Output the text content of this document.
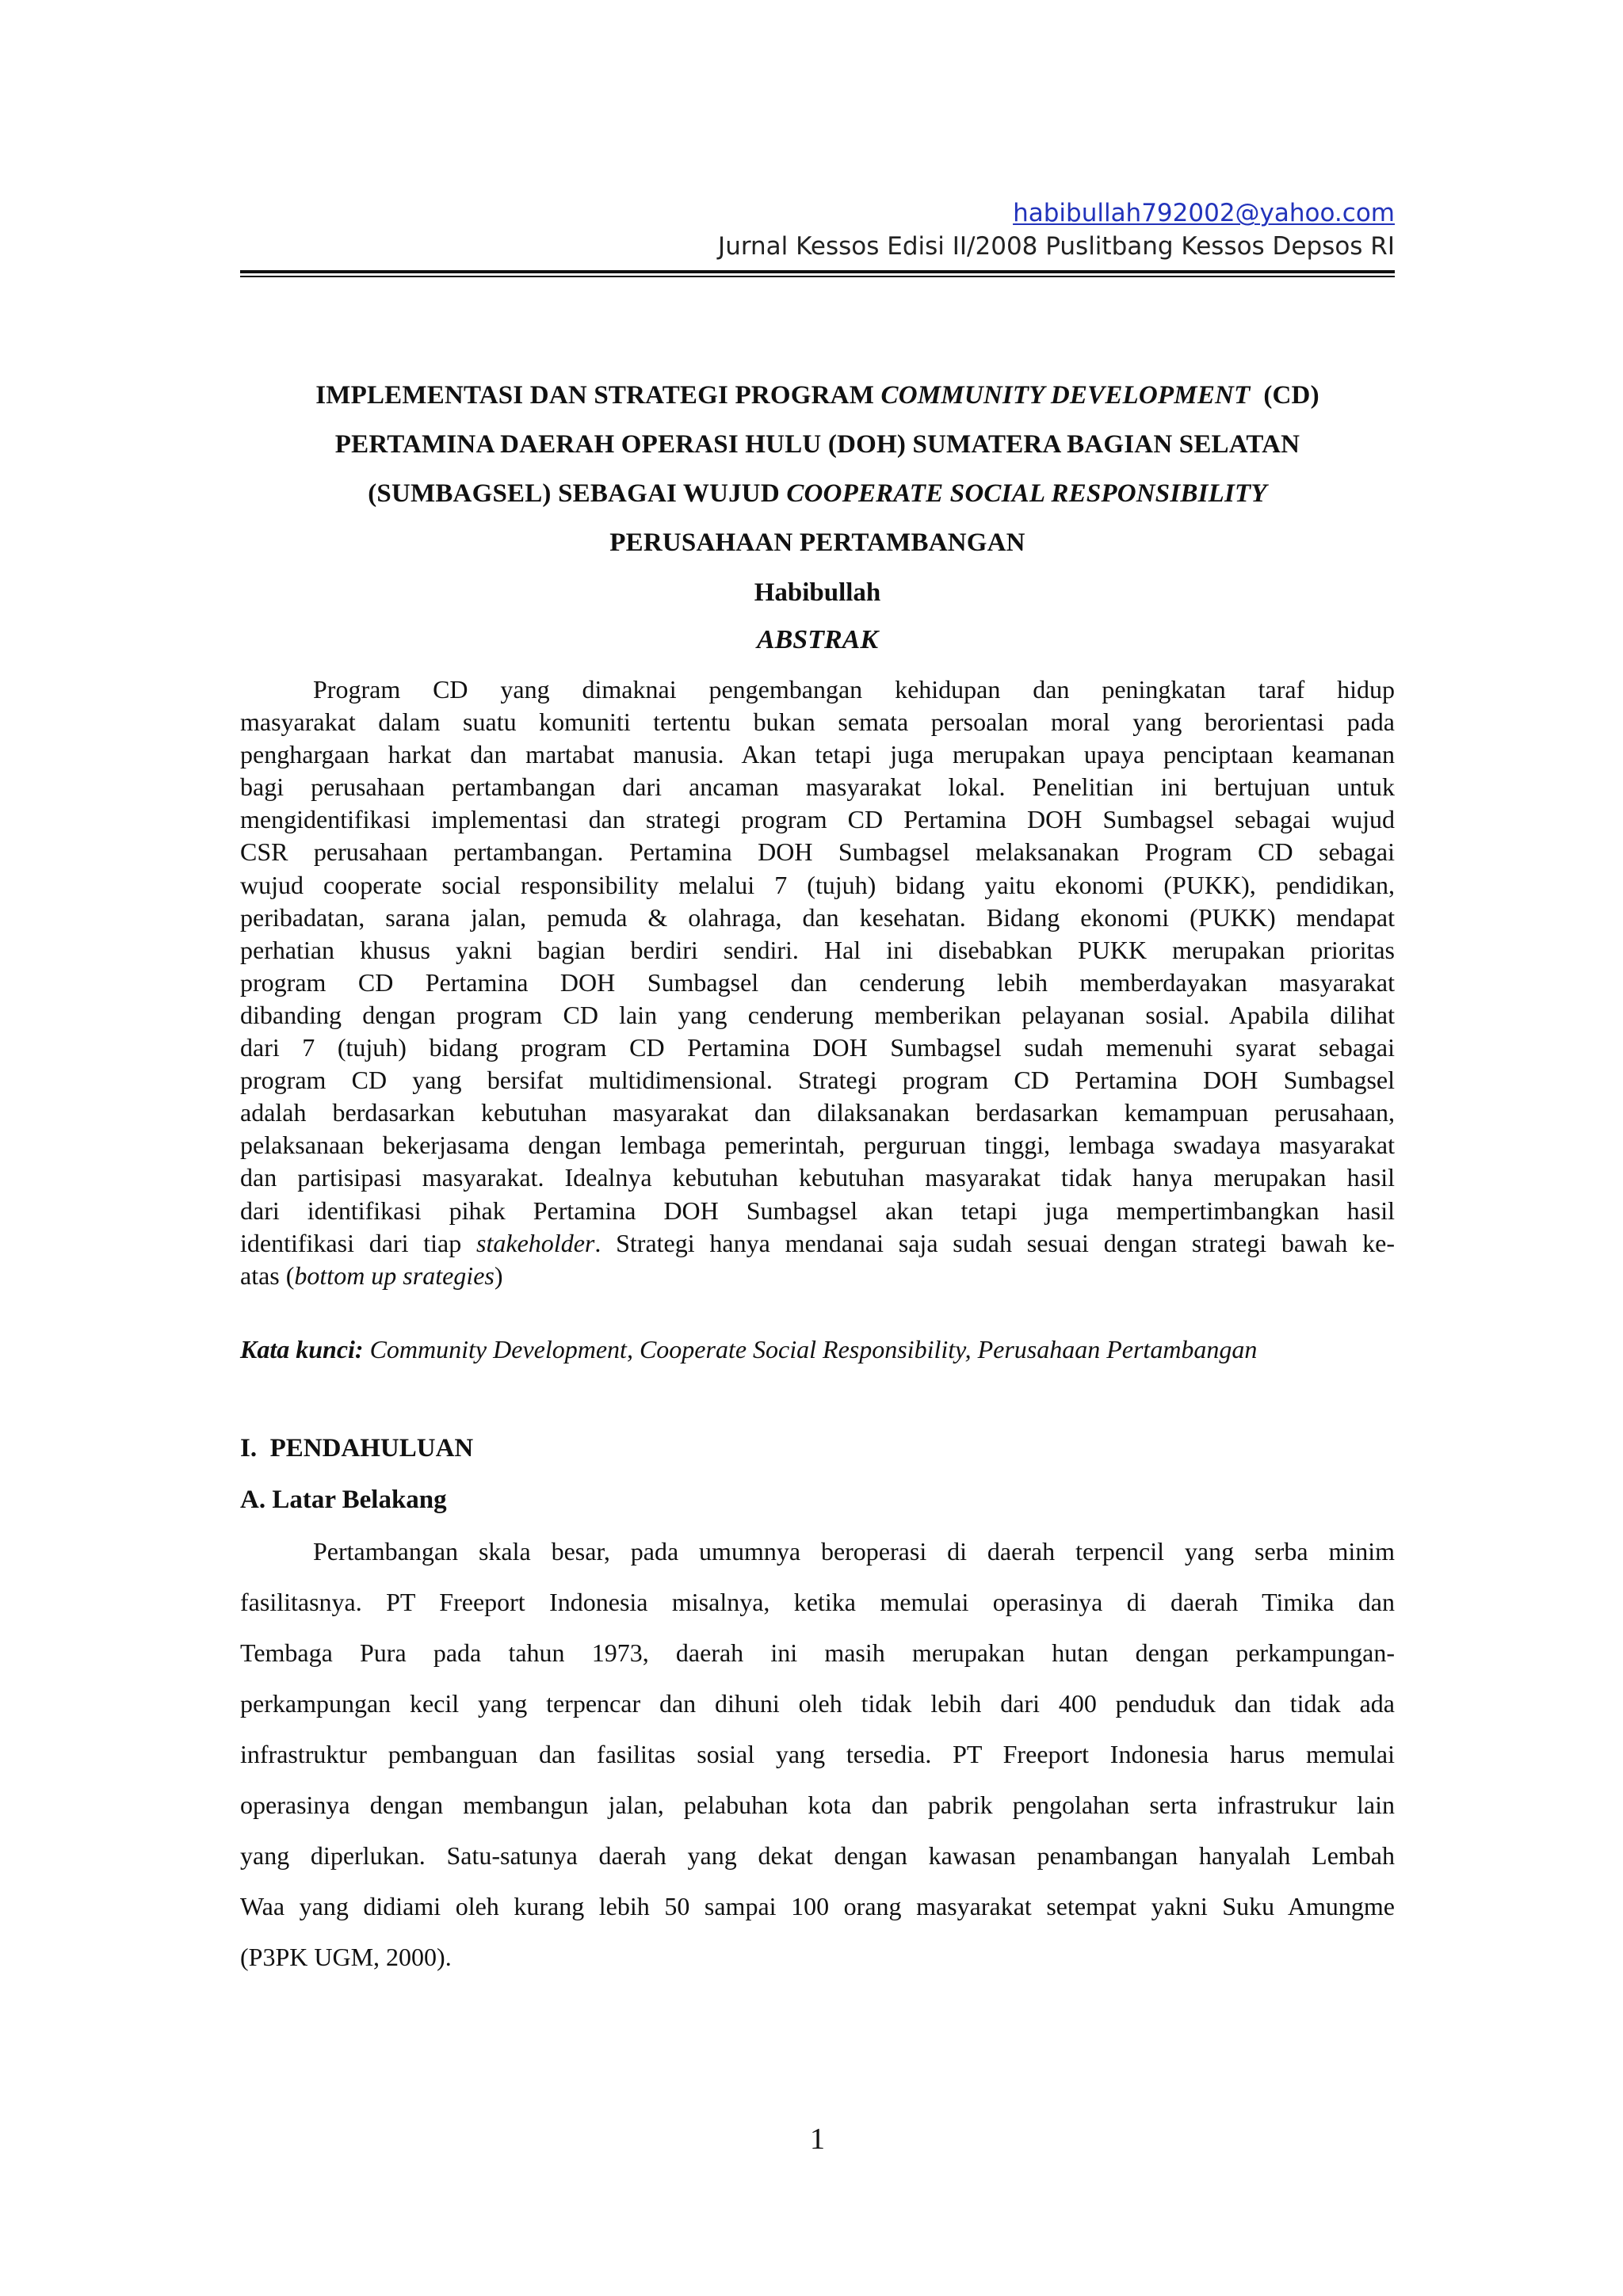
habibullah792002@yahoo.com
Jurnal Kessos Edisi II/2008 Puslitbang Kessos Depsos RI
IMPLEMENTASI DAN STRATEGI PROGRAM COMMUNITY DEVELOPMENT  (CD)
PERTAMINA DAERAH OPERASI HULU (DOH) SUMATERA BAGIAN SELATAN
(SUMBAGSEL) SEBAGAI WUJUD COOPERATE SOCIAL RESPONSIBILITY
PERUSAHAAN PERTAMBANGAN
Habibullah
ABSTRAK
Program CD yang dimaknai pengembangan kehidupan dan peningkatan taraf hidup
masyarakat dalam suatu komuniti tertentu bukan semata persoalan moral yang berorientasi pada
penghargaan harkat dan martabat manusia. Akan tetapi juga merupakan upaya penciptaan keamanan
bagi perusahaan pertambangan dari ancaman masyarakat lokal. Penelitian ini bertujuan untuk
mengidentifikasi implementasi dan strategi program CD Pertamina DOH Sumbagsel sebagai wujud
CSR perusahaan pertambangan. Pertamina DOH Sumbagsel melaksanakan Program CD sebagai
wujud cooperate social responsibility melalui 7 (tujuh) bidang yaitu ekonomi (PUKK), pendidikan,
peribadatan, sarana jalan, pemuda & olahraga, dan kesehatan. Bidang ekonomi (PUKK) mendapat
perhatian khusus yakni bagian berdiri sendiri. Hal ini disebabkan PUKK merupakan prioritas
program CD Pertamina DOH Sumbagsel dan cenderung lebih memberdayakan masyarakat
dibanding dengan program CD lain yang cenderung memberikan pelayanan sosial. Apabila dilihat
dari 7 (tujuh) bidang program CD Pertamina DOH Sumbagsel sudah memenuhi syarat sebagai
program CD yang bersifat multidimensional. Strategi program CD Pertamina DOH Sumbagsel
adalah berdasarkan kebutuhan masyarakat dan dilaksanakan berdasarkan kemampuan perusahaan,
pelaksanaan bekerjasama dengan lembaga pemerintah, perguruan tinggi, lembaga swadaya masyarakat
dan partisipasi masyarakat. Idealnya kebutuhan kebutuhan masyarakat tidak hanya merupakan hasil
dari identifikasi pihak Pertamina DOH Sumbagsel akan tetapi juga mempertimbangkan hasil
identifikasi dari tiap stakeholder. Strategi hanya mendanai saja sudah sesuai dengan strategi bawah ke-
atas (bottom up srategies)
Kata kunci: Community Development, Cooperate Social Responsibility, Perusahaan Pertambangan
I.  PENDAHULUAN
A. Latar Belakang
Pertambangan skala besar, pada umumnya beroperasi di daerah terpencil yang serba minim
fasilitasnya. PT Freeport Indonesia misalnya, ketika memulai operasinya di daerah Timika dan
Tembaga Pura pada tahun 1973, daerah ini masih merupakan hutan dengan perkampungan-
perkampungan kecil yang terpencar dan dihuni oleh tidak lebih dari 400 penduduk dan tidak ada
infrastruktur pembanguan dan fasilitas sosial yang tersedia. PT Freeport Indonesia harus memulai
operasinya dengan membangun jalan, pelabuhan kota dan pabrik pengolahan serta infrastrukur lain
yang diperlukan. Satu-satunya daerah yang dekat dengan kawasan penambangan hanyalah Lembah
Waa yang didiami oleh kurang lebih 50 sampai 100 orang masyarakat setempat yakni Suku Amungme
(P3PK UGM, 2000).
1
